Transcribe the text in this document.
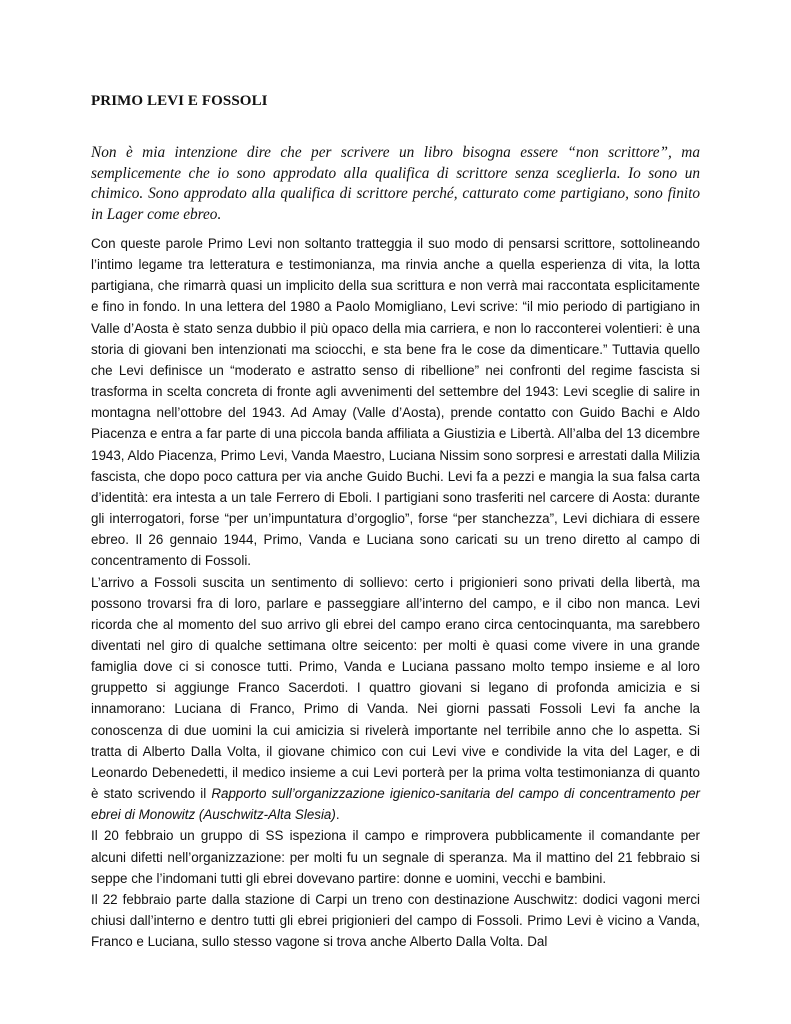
PRIMO LEVI E FOSSOLI
Non è mia intenzione dire che per scrivere un libro bisogna essere “non scrittore”, ma semplicemente che io sono approdato alla qualifica di scrittore senza sceglierla. Io sono un chimico. Sono approdato alla qualifica di scrittore perché, catturato come partigiano, sono finito in Lager come ebreo.

Con queste parole Primo Levi non soltanto tratteggia il suo modo di pensarsi scrittore, sottolineando l’intimo legame tra letteratura e testimonianza, ma rinvia anche a quella esperienza di vita, la lotta partigiana, che rimarrà quasi un implicito della sua scrittura e non verrà mai raccontata esplicitamente e fino in fondo. In una lettera del 1980 a Paolo Momigliano, Levi scrive: “il mio periodo di partigiano in Valle d’Aosta è stato senza dubbio il più opaco della mia carriera, e non lo racconterei volentieri: è una storia di giovani ben intenzionati ma sciocchi, e sta bene fra le cose da dimenticare.” Tuttavia quello che Levi definisce un “moderato e astratto senso di ribellione” nei confronti del regime fascista si trasforma in scelta concreta di fronte agli avvenimenti del settembre del 1943: Levi sceglie di salire in montagna nell’ottobre del 1943. Ad Amay (Valle d’Aosta), prende contatto con Guido Bachi e Aldo Piacenza e entra a far parte di una piccola banda affiliata a Giustizia e Libertà. All’alba del 13 dicembre 1943, Aldo Piacenza, Primo Levi, Vanda Maestro, Luciana Nissim sono sorpresi e arrestati dalla Milizia fascista, che dopo poco cattura per via anche Guido Buchi. Levi fa a pezzi e mangia la sua falsa carta d’identità: era intesta a un tale Ferrero di Eboli. I partigiani sono trasferiti nel carcere di Aosta: durante gli interrogatori, forse “per un’impuntatura d’orgoglio”, forse “per stanchezza”, Levi dichiara di essere ebreo. Il 26 gennaio 1944, Primo, Vanda e Luciana sono caricati su un treno diretto al campo di concentramento di Fossoli.

L’arrivo a Fossoli suscita un sentimento di sollievo: certo i prigionieri sono privati della libertà, ma possono trovarsi fra di loro, parlare e passeggiare all’interno del campo, e il cibo non manca. Levi ricorda che al momento del suo arrivo gli ebrei del campo erano circa centocinquanta, ma sarebbero diventati nel giro di qualche settimana oltre seicento: per molti è quasi come vivere in una grande famiglia dove ci si conosce tutti. Primo, Vanda e Luciana passano molto tempo insieme e al loro gruppetto si aggiunge Franco Sacerdoti. I quattro giovani si legano di profonda amicizia e si innamorano: Luciana di Franco, Primo di Vanda. Nei giorni passati Fossoli Levi fa anche la conoscenza di due uomini la cui amicizia si rivelerà importante nel terribile anno che lo aspetta. Si tratta di Alberto Dalla Volta, il giovane chimico con cui Levi vive e condivide la vita del Lager, e di Leonardo Debenedetti, il medico insieme a cui Levi porterà per la prima volta testimonianza di quanto è stato scrivendo il Rapporto sull’organizzazione igienico-sanitaria del campo di concentramento per ebrei di Monowitz (Auschwitz-Alta Slesia).

Il 20 febbraio un gruppo di SS ispeziona il campo e rimprovera pubblicamente il comandante per alcuni difetti nell’organizzazione: per molti fu un segnale di speranza. Ma il mattino del 21 febbraio si seppe che l’indomani tutti gli ebrei dovevano partire: donne e uomini, vecchi e bambini.

Il 22 febbraio parte dalla stazione di Carpi un treno con destinazione Auschwitz: dodici vagoni merci chiusi dall’interno e dentro tutti gli ebrei prigionieri del campo di Fossoli. Primo Levi è vicino a Vanda, Franco e Luciana, sullo stesso vagone si trova anche Alberto Dalla Volta. Dal
